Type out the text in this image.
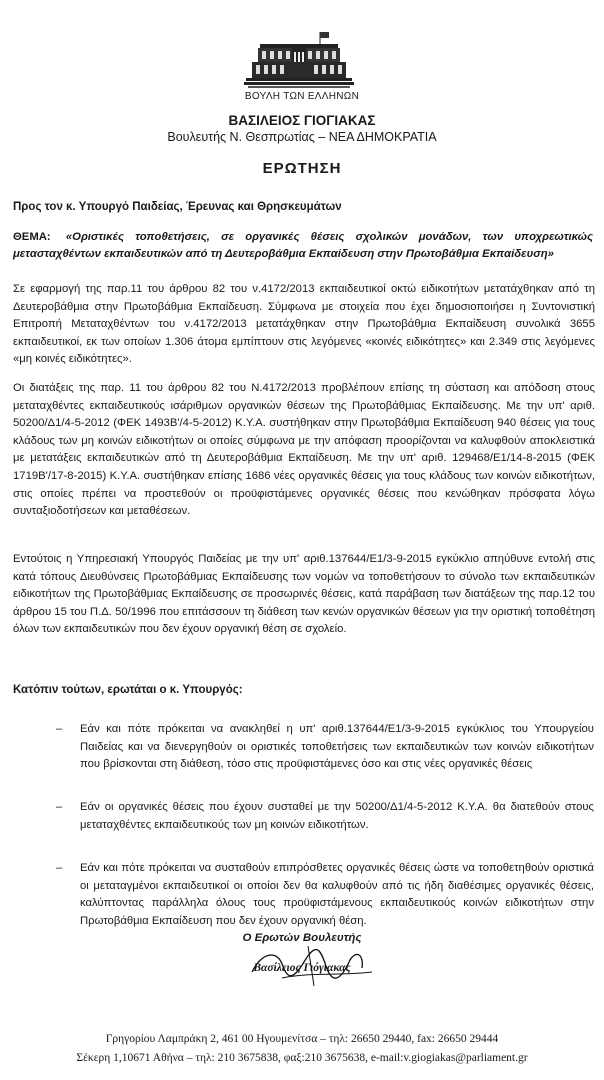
ΒΟΥΛΗ ΤΩΝ ΕΛΛΗΝΩΝ
ΒΑΣΙΛΕΙΟΣ ΓΙΟΓΙΑΚΑΣ
Βουλευτής Ν. Θεσπρωτίας – ΝΕΑ ΔΗΜΟΚΡΑΤΙΑ
ΕΡΩΤΗΣΗ
Προς τον κ. Υπουργό Παιδείας, Έρευνας και Θρησκευμάτων
ΘΕΜΑ: «Οριστικές τοποθετήσεις, σε οργανικές θέσεις σχολικών μονάδων, των υποχρεωτικώς μετασταχθέντων εκπαιδευτικών από τη Δευτεροβάθμια Εκπαίδευση στην Πρωτοβάθμια Εκπαίδευση»

Σε εφαρμογή της παρ.11 του άρθρου 82 του ν.4172/2013 εκπαιδευτικοί οκτώ ειδικοτήτων μετατάχθηκαν από τη Δευτεροβάθμια στην Πρωτοβάθμια Εκπαίδευση. Σύμφωνα με στοιχεία που έχει δημοσιοποιήσει η Συντονιστική Επιτροπή Μεταταχθέντων του ν.4172/2013 μετατάχθηκαν στην Πρωτοβάθμια Εκπαίδευση συνολικά 3655 εκπαιδευτικοί, εκ των οποίων 1.306 άτομα εμπίπτουν στις λεγόμενες «κοινές ειδικότητες» και 2.349 στις λεγόμενες «μη κοινές ειδικότητες».

Οι διατάξεις της παρ. 11 του άρθρου 82 του Ν.4172/2013 προβλέπουν επίσης τη σύσταση και απόδοση στους μεταταχθέντες εκπαιδευτικούς ισάριθμων οργανικών θέσεων της Πρωτοβάθμιας Εκπαίδευσης. Με την υπ' αριθ. 50200/Δ1/4-5-2012 (ΦΕΚ 1493Β'/4-5-2012) Κ.Υ.Α. συστήθηκαν στην Πρωτοβάθμια Εκπαίδευση 940 θέσεις για τους κλάδους των μη κοινών ειδικοτήτων οι οποίες σύμφωνα με την απόφαση προορίζονται να καλυφθούν αποκλειστικά με μετατάξεις εκπαιδευτικών από τη Δευτεροβάθμια Εκπαίδευση. Με την υπ' αριθ. 129468/Ε1/14-8-2015 (ΦΕΚ 1719Β'/17-8-2015) Κ.Υ.Α. συστήθηκαν επίσης 1686 νέες οργανικές θέσεις για τους κλάδους των κοινών ειδικοτήτων, στις οποίες πρέπει να προστεθούν οι προϋφιστάμενες οργανικές θέσεις που κενώθηκαν πρόσφατα λόγω συνταξιοδοτήσεων και μεταθέσεων.

Εντούτοις η Υπηρεσιακή Υπουργός Παιδείας με την υπ' αριθ.137644/Ε1/3-9-2015 εγκύκλιο απηύθυνε εντολή στις κατά τόπους Διευθύνσεις Πρωτοβάθμιας Εκπαίδευσης των νομών να τοποθετήσουν το σύνολο των εκπαιδευτικών ειδικοτήτων της Πρωτοβάθμιας Εκπαίδευσης σε προσωρινές θέσεις, κατά παράβαση των διατάξεων της παρ.12 του άρθρου 15 του Π.Δ. 50/1996 που επιτάσσουν τη διάθεση των κενών οργανικών θέσεων για την οριστική τοποθέτηση όλων των εκπαιδευτικών που δεν έχουν οργανική θέση σε σχολείο.

Κατόπιν τούτων, ερωτάται ο κ. Υπουργός:
– Εάν και πότε πρόκειται να ανακληθεί η υπ' αριθ.137644/Ε1/3-9-2015 εγκύκλιος του Υπουργείου Παιδείας και να διενεργηθούν οι οριστικές τοποθετήσεις των εκπαιδευτικών των κοινών ειδικοτήτων που βρίσκονται στη διάθεση, τόσο στις προϋφιστάμενες όσο και στις νέες οργανικές θέσεις
– Εάν οι οργανικές θέσεις που έχουν συσταθεί με την 50200/Δ1/4-5-2012 Κ.Υ.Α. θα διατεθούν στους μεταταχθέντες εκπαιδευτικούς των μη κοινών ειδικοτήτων.
– Εάν και πότε πρόκειται να συσταθούν επιπρόσθετες οργανικές θέσεις ώστε να τοποθετηθούν οριστικά οι μεταταγμένοι εκπαιδευτικοί οι οποίοι δεν θα καλυφθούν από τις ήδη διαθέσιμες οργανικές θέσεις, καλύπτοντας παράλληλα όλους τους προϋφιστάμενους εκπαιδευτικούς κοινών ειδικοτήτων στην Πρωτοβάθμια Εκπαίδευση που δεν έχουν οργανική θέση.
Ο Ερωτών Βουλευτής
Βασίλειος Γιόγιακας
Γρηγορίου Λαμπράκη 2, 461 00 Ηγουμενίτσα – τηλ: 26650 29440, fax: 26650 29444
Σέκερη 1,10671 Αθήνα – τηλ: 210 3675838, φαξ:210 3675638, e-mail:v.giogiakas@parliament.gr
